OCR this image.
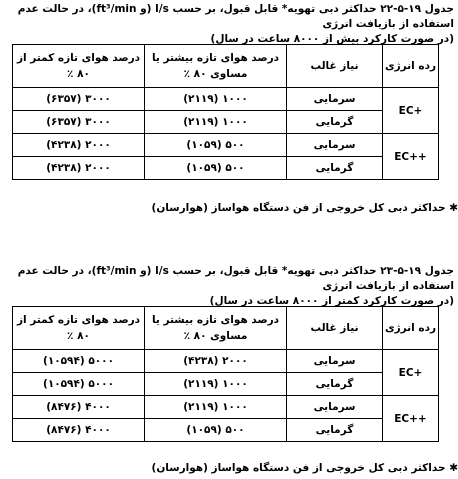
جدول ۱۹-۵-۲۲ حداکثر دبی تهویه* قابل قبول، بر حسب l/s (و ft³/min)، در حالت عدم استفاده از بازیافت انرژی
(در صورت کارکرد بیش از ۸۰۰۰ ساعت در سال)
رده انرژی	نیاز غالب	درصد هوای تازه بیشتر یا مساوی ۸۰ ٪	درصد هوای تازه کمتر از ۸۰ ٪
EC+	سرمایی	۱۰۰۰ (۲۱۱۹)	۳۰۰۰ (۶۳۵۷)
	گرمایی	۱۰۰۰ (۲۱۱۹)	۳۰۰۰ (۶۳۵۷)
EC++	سرمایی	۵۰۰ (۱۰۵۹)	۲۰۰۰ (۴۲۳۸)
	گرمایی	۵۰۰ (۱۰۵۹)	۲۰۰۰ (۴۲۳۸)
✱ حداکثر دبی کل خروجی از فن دستگاه هواساز (هوارسان)
جدول ۱۹-۵-۲۳ حداکثر دبی تهویه* قابل قبول، بر حسب l/s (و ft³/min)، در حالت عدم استفاده از بازیافت انرژی
(در صورت کارکرد کمتر از ۸۰۰۰ ساعت در سال)
رده انرژی	نیاز غالب	درصد هوای تازه بیشتر یا مساوی ۸۰ ٪	درصد هوای تازه کمتر از ۸۰ ٪
EC+	سرمایی	۲۰۰۰ (۴۲۳۸)	۵۰۰۰ (۱۰۵۹۴)
	گرمایی	۱۰۰۰ (۲۱۱۹)	۵۰۰۰ (۱۰۵۹۴)
EC++	سرمایی	۱۰۰۰ (۲۱۱۹)	۴۰۰۰ (۸۴۷۶)
	گرمایی	۵۰۰ (۱۰۵۹)	۴۰۰۰ (۸۴۷۶)
✱ حداکثر دبی کل خروجی از فن دستگاه هواساز (هوارسان)
